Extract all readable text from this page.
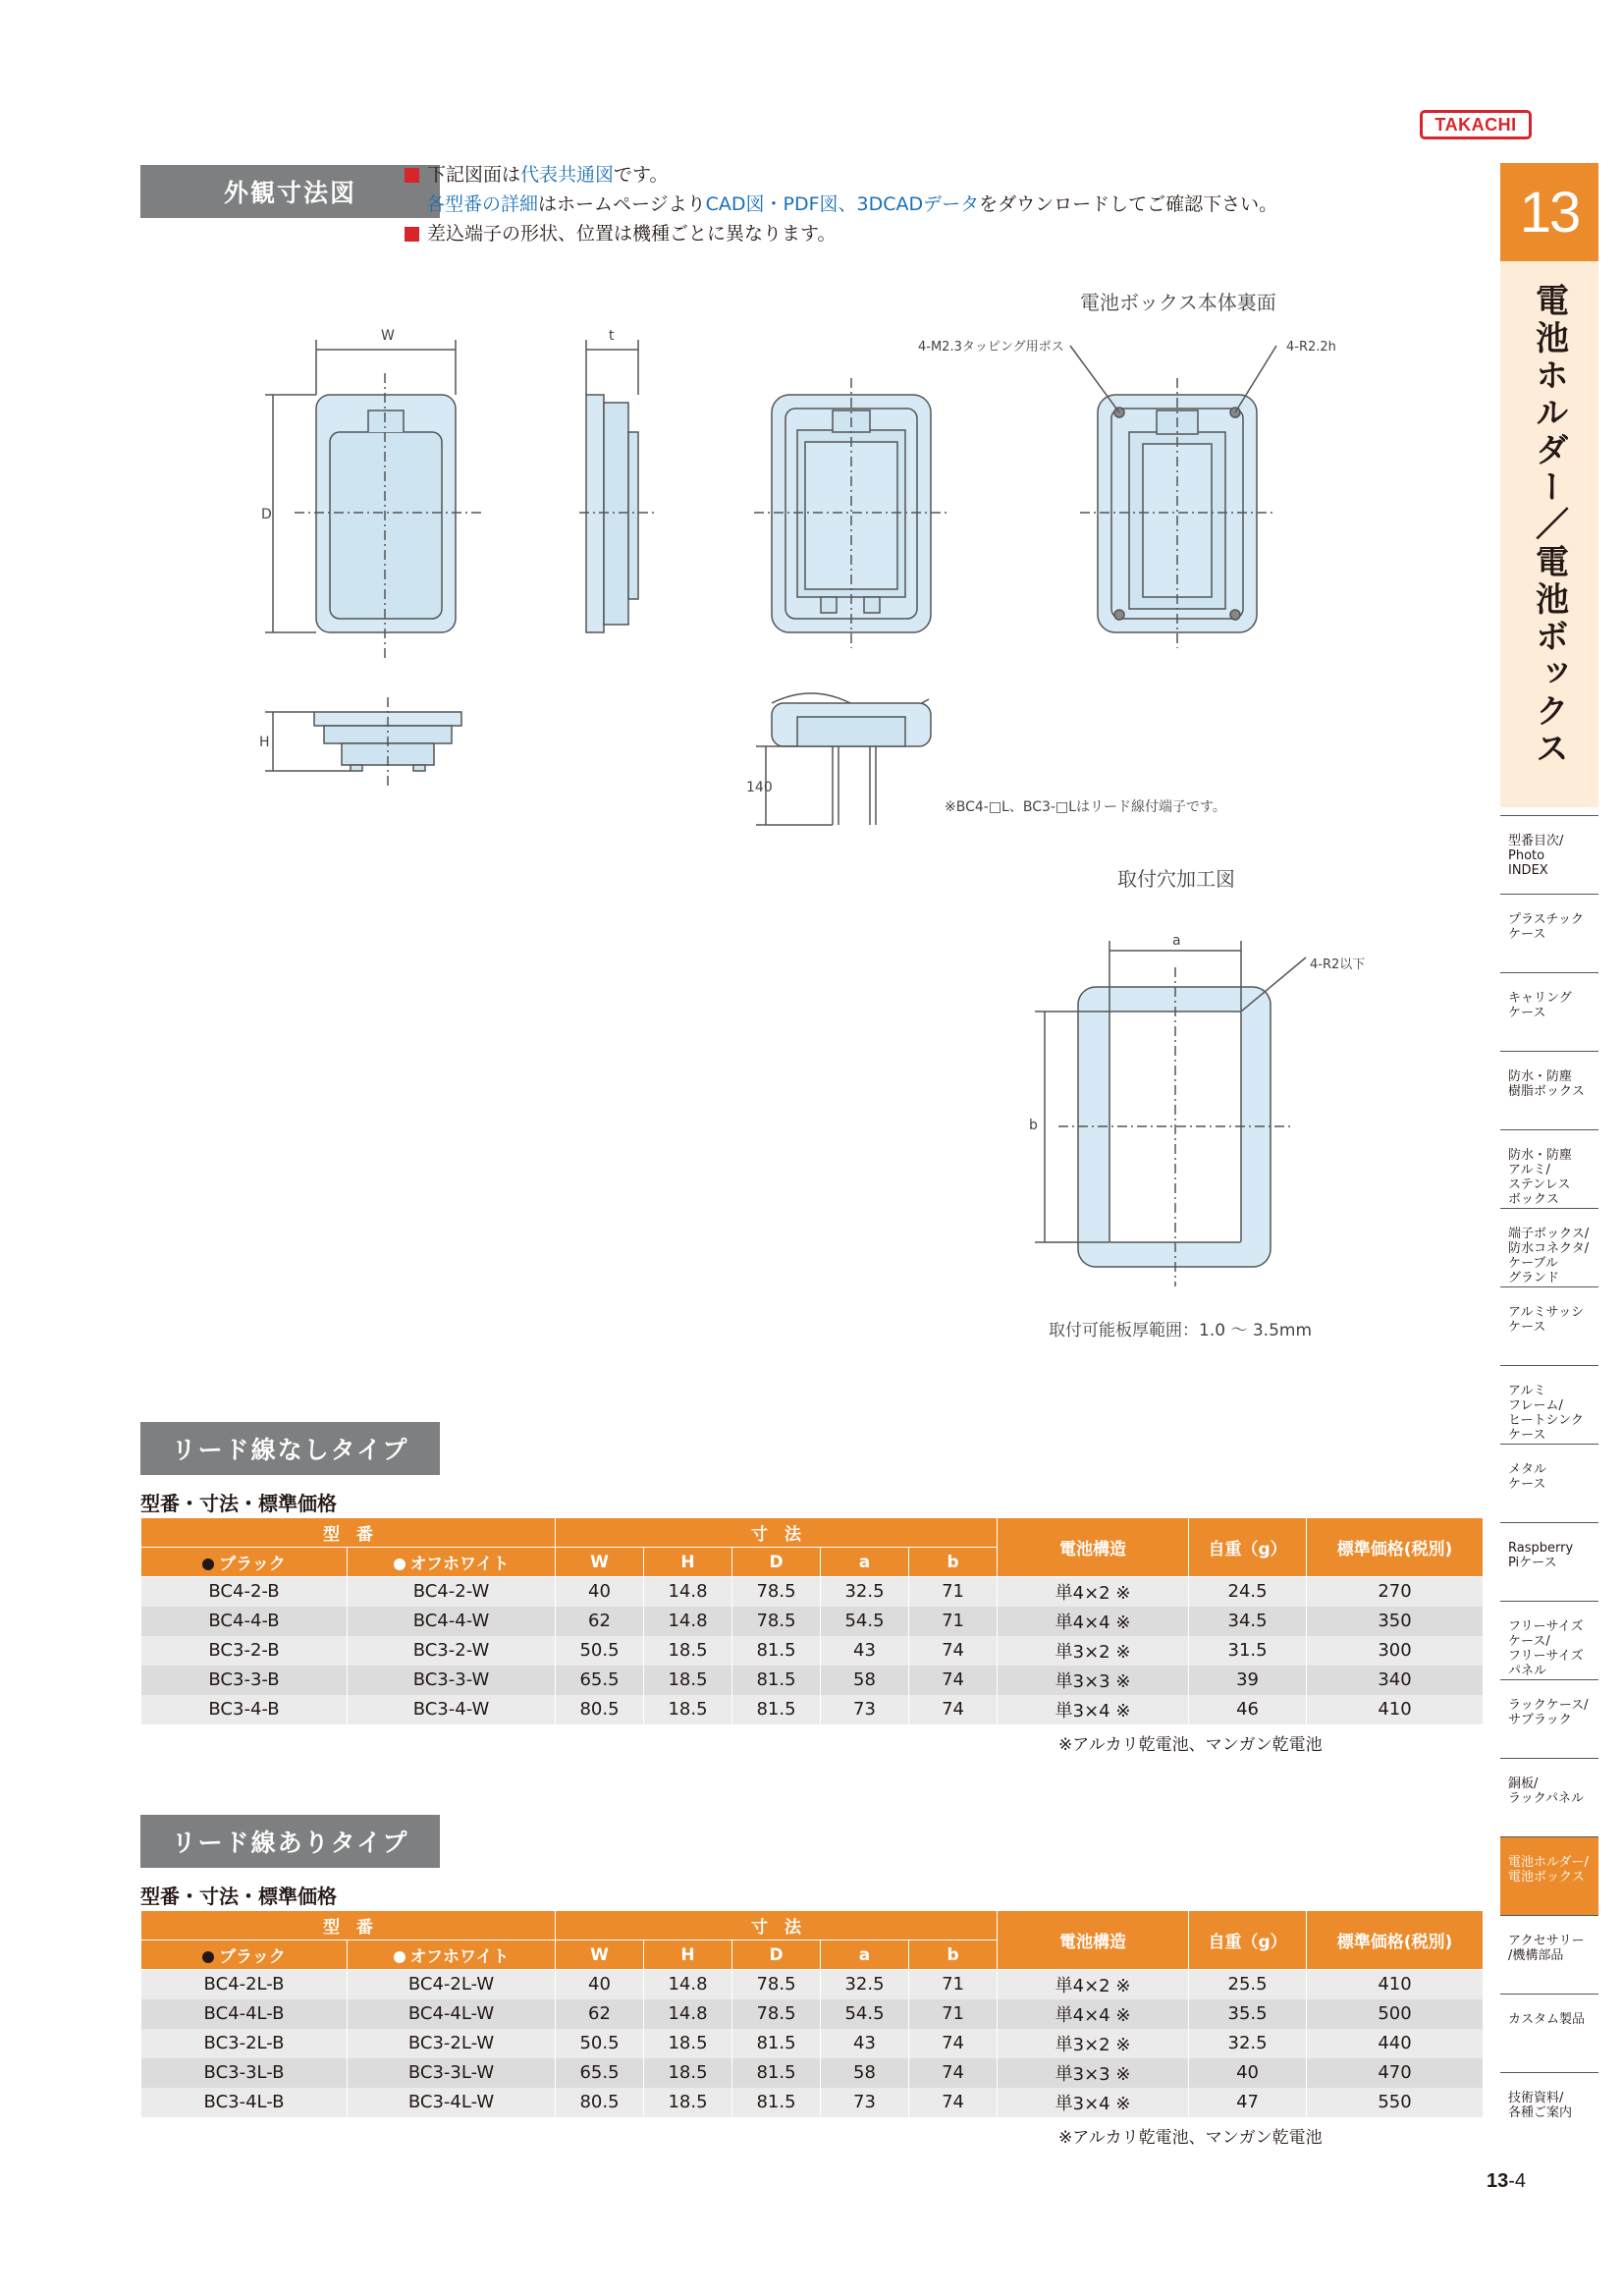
TAKACHI
外観寸法図
下記図面は 代表共通図 です。
各型番の詳細 はホームページより CAD図・PDF図、3DCADデータ をダウンロードしてご確認下さい。
差込端子の形状、位置は機種ごとに異なります。
電池ボックス本体裏面
4-M2.3タッピング用ボス	4-R2.2h
W	t
D
H
140
※BC4-□L、BC3-□Lはリード線付端子です。
取付穴加工図
a
b
4-R2以下
取付可能板厚範囲：1.0 ～ 3.5mm
13
電池ホルダー／電池ボックス
型番目次/
Photo
INDEX
プラスチック
ケース
キャリング
ケース
防水・防塵
樹脂ボックス
防水・防塵
アルミ/
ステンレス
ボックス
端子ボックス/
防水コネクタ/
ケーブル
グランド
アルミサッシ
ケース
アルミ
フレーム/
ヒートシンク
ケース
メタル
ケース
Raspberry
Piケース
フリーサイズ
ケース/
フリーサイズ
パネル
ラックケース/
サブラック
銅板/
ラックパネル
電池ホルダー/
電池ボックス
アクセサリー
/機構部品
カスタム製品
技術資料/
各種ご案内
リード線なしタイプ
型番・寸法・標準価格
型　番		寸　法					電池構造	自重（g）	標準価格(税別)
ブラック	オフホワイト	W	H	D	a	b			
BC4-2-B	BC4-2-W	40	14.8	78.5	32.5	71	単4×2 ※	24.5	270
BC4-4-B	BC4-4-W	62	14.8	78.5	54.5	71	単4×4 ※	34.5	350
BC3-2-B	BC3-2-W	50.5	18.5	81.5	43	74	単3×2 ※	31.5	300
BC3-3-B	BC3-3-W	65.5	18.5	81.5	58	74	単3×3 ※	39	340
BC3-4-B	BC3-4-W	80.5	18.5	81.5	73	74	単3×4 ※	46	410
※アルカリ乾電池、マンガン乾電池
リード線ありタイプ
型番・寸法・標準価格
型　番		寸　法					電池構造	自重（g）	標準価格(税別)
ブラック	オフホワイト	W	H	D	a	b			
BC4-2L-B	BC4-2L-W	40	14.8	78.5	32.5	71	単4×2 ※	25.5	410
BC4-4L-B	BC4-4L-W	62	14.8	78.5	54.5	71	単4×4 ※	35.5	500
BC3-2L-B	BC3-2L-W	50.5	18.5	81.5	43	74	単3×2 ※	32.5	440
BC3-3L-B	BC3-3L-W	65.5	18.5	81.5	58	74	単3×3 ※	40	470
BC3-4L-B	BC3-4L-W	80.5	18.5	81.5	73	74	単3×4 ※	47	550
※アルカリ乾電池、マンガン乾電池
13-4
